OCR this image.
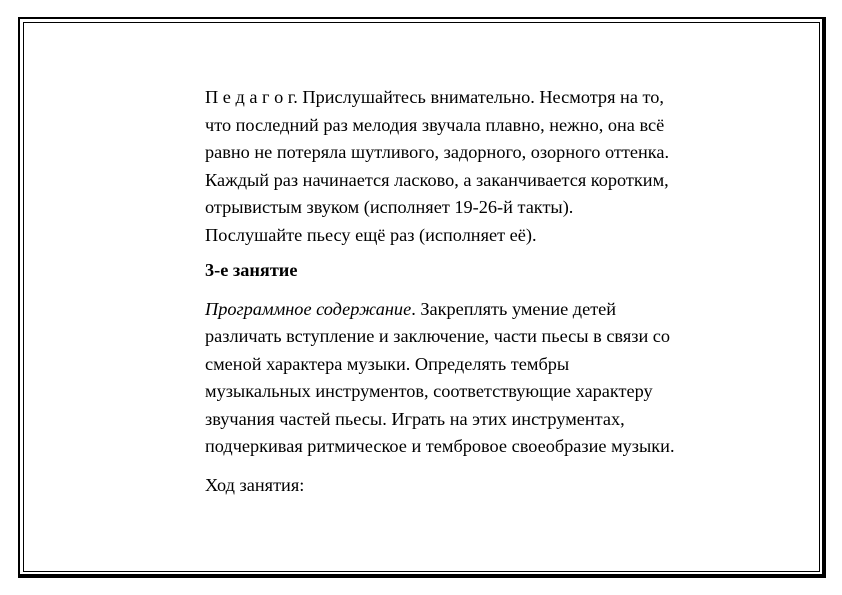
П е д а г о г. Прислушайтесь внимательно. Несмотря на то,
что последний раз мелодия звучала плавно, нежно, она всё
равно не потеряла шутливого, задорного, озорного оттенка.
Каждый раз начинается ласково, а заканчивается коротким,
отрывистым звуком (исполняет 19-26-й такты).
Послушайте пьесу ещё раз (исполняет её).

3-е занятие

Программное содержание. Закреплять умение детей
различать вступление и заключение, части пьесы в связи со
сменой характера музыки. Определять тембры
музыкальных инструментов, соответствующие характеру
звучания частей пьесы. Играть на этих инструментах,
подчеркивая ритмическое и тембровое своеобразие музыки.

Ход занятия:
